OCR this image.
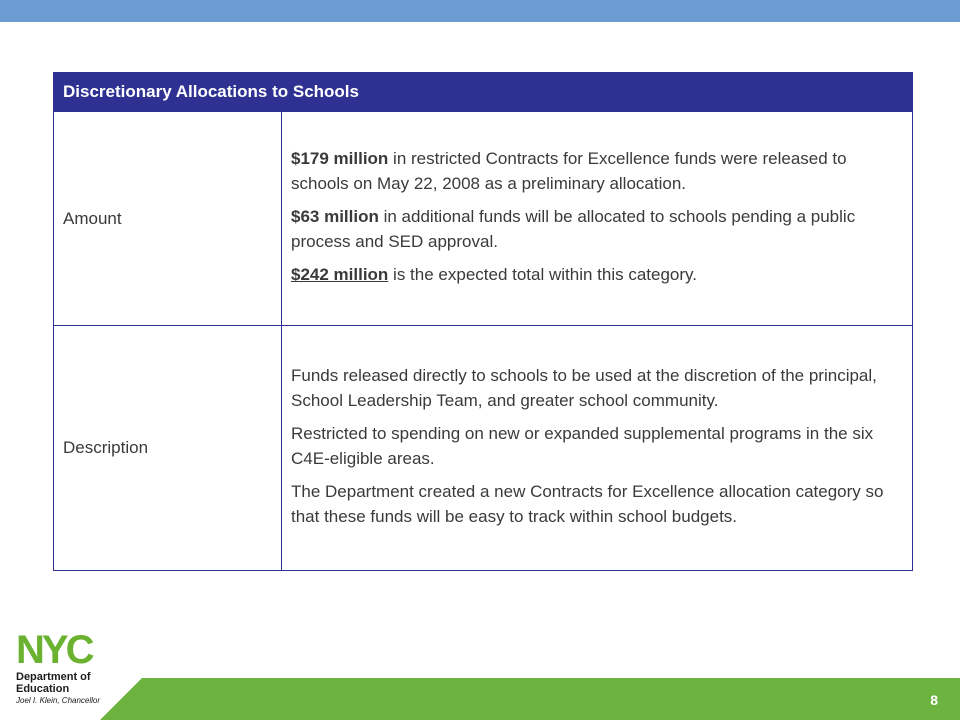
Discretionary Allocations to Schools	
Amount	$179 million in restricted Contracts for Excellence funds were released to schools on May 22, 2008 as a preliminary allocation.

$63 million in additional funds will be allocated to schools pending a public process and SED approval.

$242 million is the expected total within this category.

Description	Funds released directly to schools to be used at the discretion of the principal, School Leadership Team, and greater school community.

Restricted to spending on new or expanded supplemental programs in the six C4E-eligible areas.

The Department created a new Contracts for Excellence allocation category so that these funds will be easy to track within school budgets.

8
NYC
Department of
Education
Joel I. Klein, Chancellor
